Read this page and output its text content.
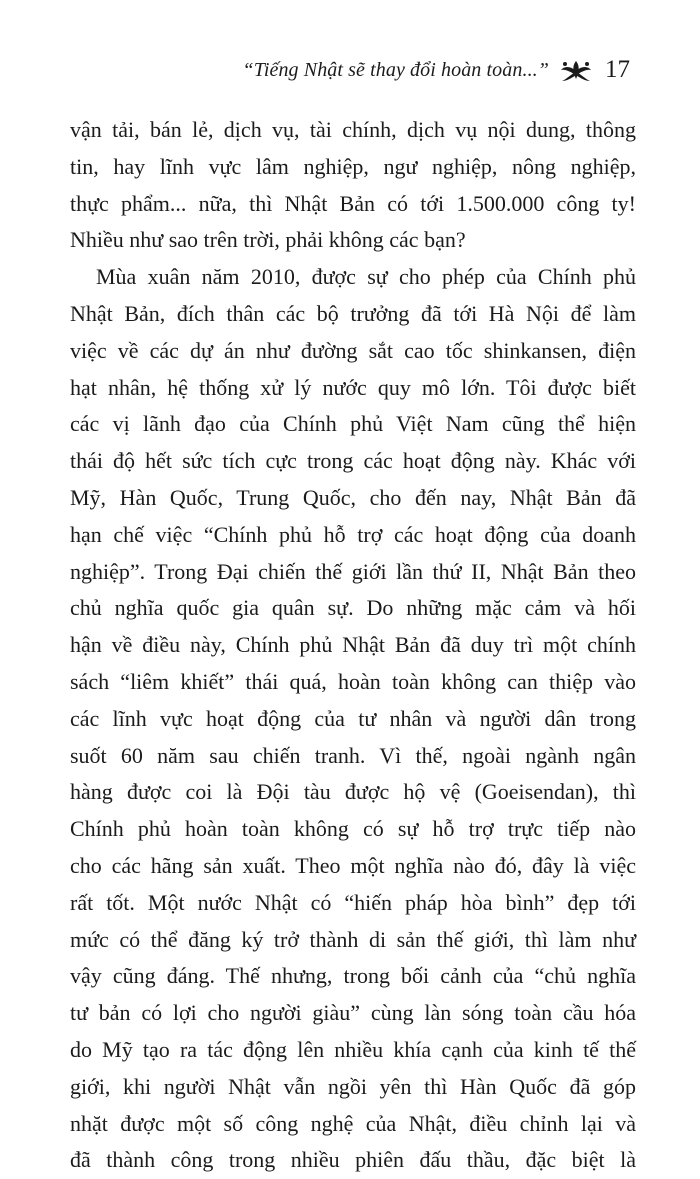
“Tiếng Nhật sẽ thay đổi hoàn toàn...” 17

vận tải, bán lẻ, dịch vụ, tài chính, dịch vụ nội dung, thông
tin, hay lĩnh vực lâm nghiệp, ngư nghiệp, nông nghiệp,
thực phẩm... nữa, thì Nhật Bản có tới 1.500.000 công ty!
Nhiều như sao trên trời, phải không các bạn?

Mùa xuân năm 2010, được sự cho phép của Chính phủ
Nhật Bản, đích thân các bộ trưởng đã tới Hà Nội để làm
việc về các dự án như đường sắt cao tốc shinkansen, điện
hạt nhân, hệ thống xử lý nước quy mô lớn. Tôi được biết
các vị lãnh đạo của Chính phủ Việt Nam cũng thể hiện
thái độ hết sức tích cực trong các hoạt động này. Khác với
Mỹ, Hàn Quốc, Trung Quốc, cho đến nay, Nhật Bản đã
hạn chế việc “Chính phủ hỗ trợ các hoạt động của doanh
nghiệp”. Trong Đại chiến thế giới lần thứ II, Nhật Bản theo
chủ nghĩa quốc gia quân sự. Do những mặc cảm và hối
hận về điều này, Chính phủ Nhật Bản đã duy trì một chính
sách “liêm khiết” thái quá, hoàn toàn không can thiệp vào
các lĩnh vực hoạt động của tư nhân và người dân trong
suốt 60 năm sau chiến tranh. Vì thế, ngoài ngành ngân
hàng được coi là Đội tàu được hộ vệ (Goeisendan), thì
Chính phủ hoàn toàn không có sự hỗ trợ trực tiếp nào
cho các hãng sản xuất. Theo một nghĩa nào đó, đây là việc
rất tốt. Một nước Nhật có “hiến pháp hòa bình” đẹp tới
mức có thể đăng ký trở thành di sản thế giới, thì làm như
vậy cũng đáng. Thế nhưng, trong bối cảnh của “chủ nghĩa
tư bản có lợi cho người giàu” cùng làn sóng toàn cầu hóa
do Mỹ tạo ra tác động lên nhiều khía cạnh của kinh tế thế
giới, khi người Nhật vẫn ngồi yên thì Hàn Quốc đã góp
nhặt được một số công nghệ của Nhật, điều chỉnh lại và
đã thành công trong nhiều phiên đấu thầu, đặc biệt là
